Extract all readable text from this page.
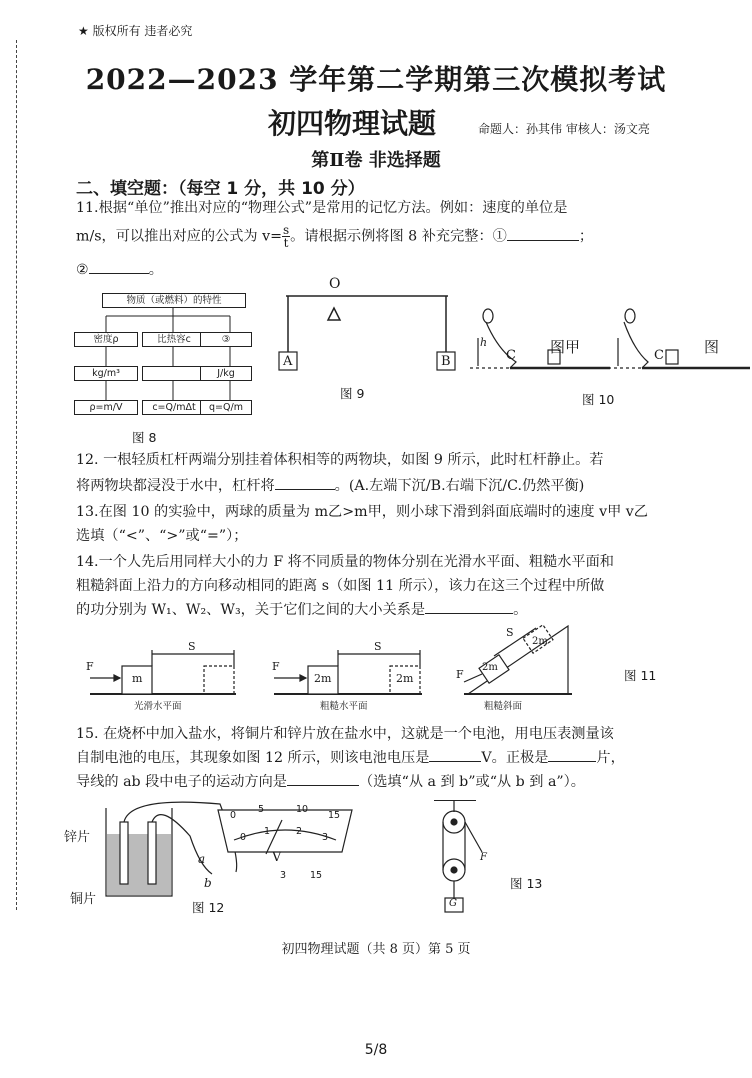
★ 版权所有 违者必究
2022—2023 学年第二学期第三次模拟考试
初四物理试题	命题人：孙其伟 审核人：汤文亮
第Ⅱ卷 非选择题
二、填空题：（每空 1 分，共 10 分）
11.根据“单位”推出对应的“物理公式”是常用的记忆方法。例如：速度的单位是
m/s，可以推出对应的公式为 $v= \frac{s}{t}$ 。请根据示例将图 8 补充完整：①	；
②	。
物质（或燃料）的特性
密度ρ	比热容c	③
kg/m³	J/kg
ρ=m/V	c=Q/mΔt	q=Q/m
图 8
O
A	B
图 9
h
C 图甲	C	图
图 10
12. 一根轻质杠杆两端分别挂着体积相等的两物块，如图 9 所示，此时杠杆静止。若
将两物块都浸没于水中，杠杆将	。(A.左端下沉/B.右端下沉/C.仍然平衡)
13.在图 10 的实验中，两球的质量为 m乙>m甲，则小球下滑到斜面底端时的速度 v甲 v乙
选填（“<”、“>”或“=”）；
14.一个人先后用同样大小的力 F 将不同质量的物体分别在光滑水平面、粗糙水平面和
粗糙斜面上沿力的方向移动相同的距离 s（如图 11 所示），该力在这三个过程中所做
的功分别为 W₁、W₂、W₃，关于它们之间的大小关系是	。
F
m
S
光滑水平面
F
2m	2m
S
粗糙水平面
F
2m
2m
S
粗糙斜面
图 11
15. 在烧杯中加入盐水，将铜片和锌片放在盐水中，这就是一个电池，用电压表测量该
自制电池的电压，其现象如图 12 所示，则该电池电压是	V。正极是	片，
导线的 ab 段中电子的运动方向是	（选填“从 a 到 b”或“从 b 到 a”）。
锌片
铜片
a
b
V
0
5	10
15
0
1	2
3
3	15
图 12
F
G
图 13
初四物理试题（共 8 页）第 5 页
5/8
